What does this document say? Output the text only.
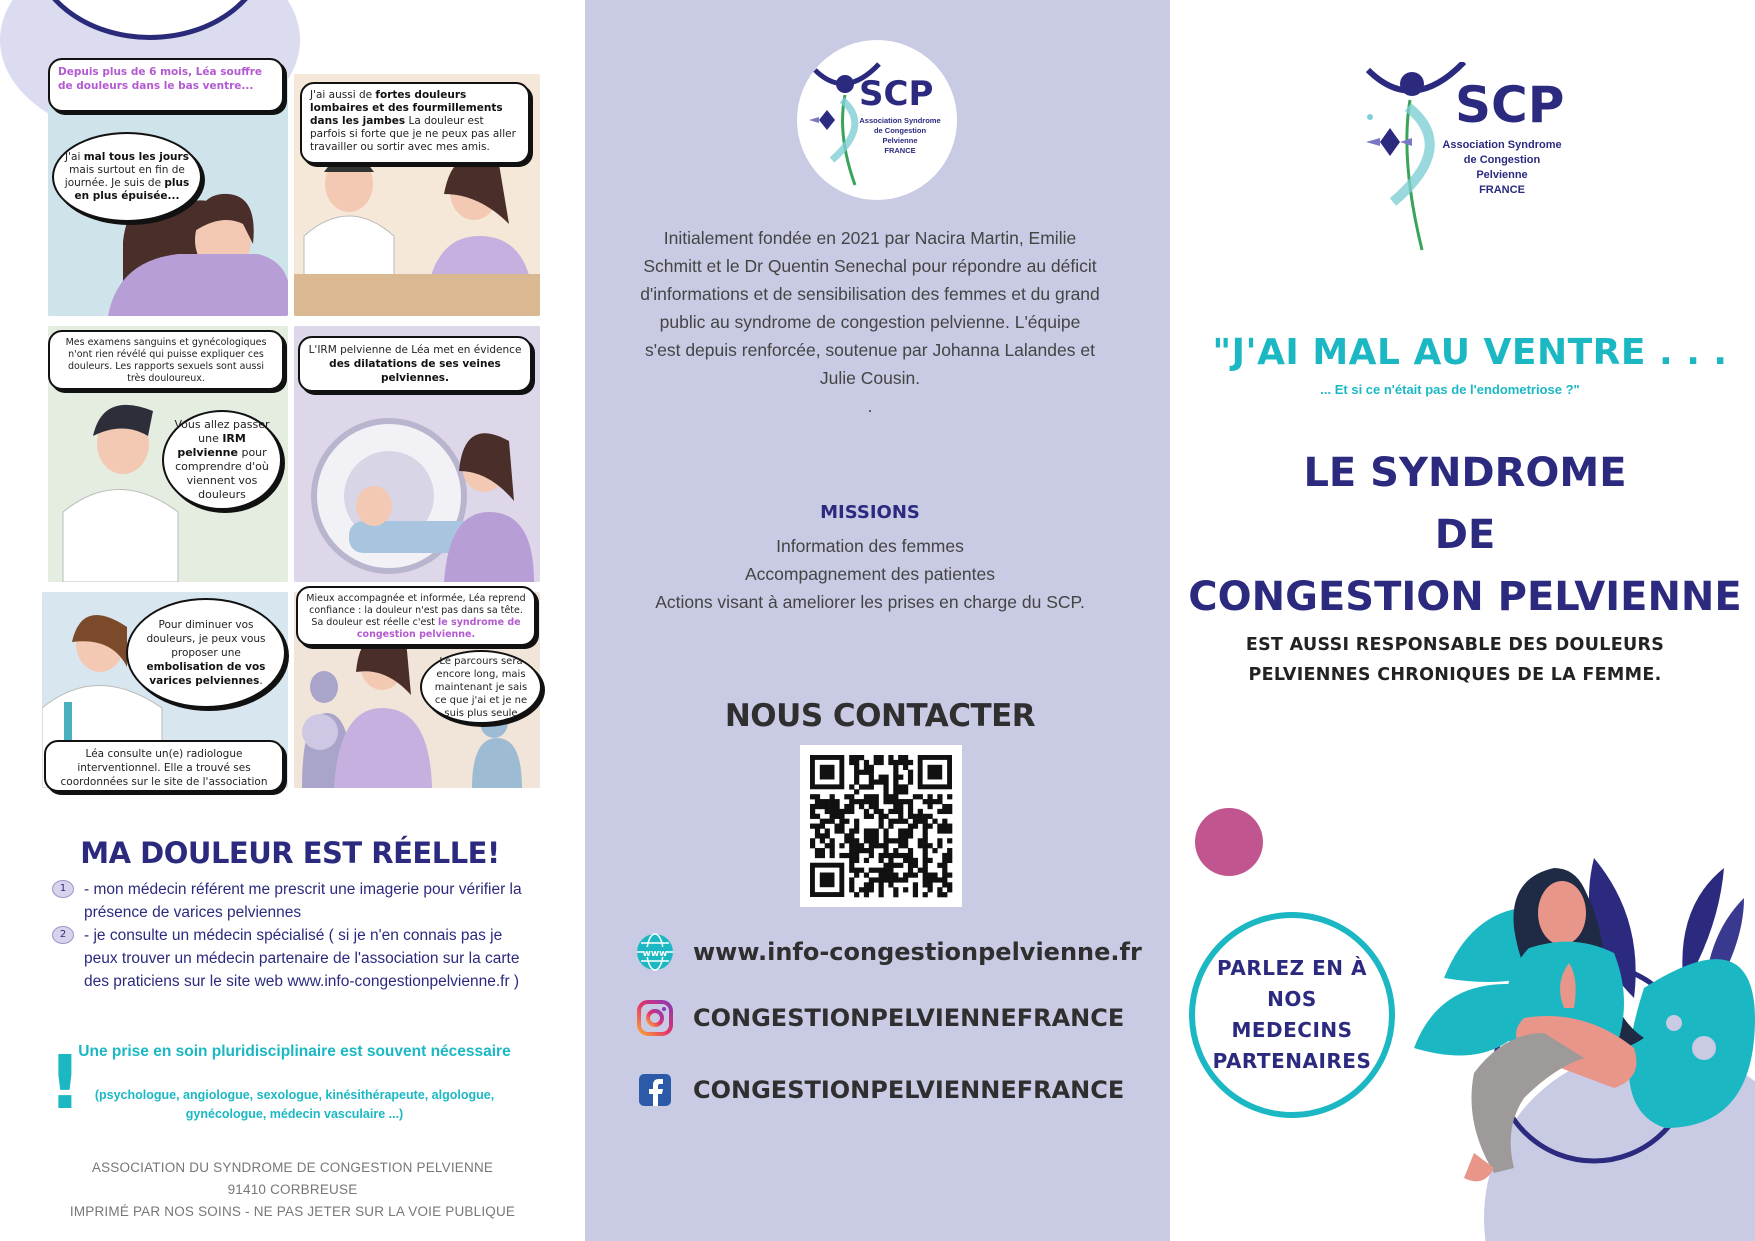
Depuis plus de 6 mois, Léa souffre de douleurs dans le bas ventre...
J'ai mal tous les jours mais surtout en fin de journée. Je suis de plus en plus épuisée...
J'ai aussi de fortes douleurs lombaires et des fourmillements dans les jambes La douleur est parfois si forte que je ne peux pas aller travailler ou sortir avec mes amis.
Mes examens sanguins et gynécologiques n'ont rien révélé qui puisse expliquer ces douleurs. Les rapports sexuels sont aussi très douloureux.
Vous allez passer une IRM pelvienne pour comprendre d'où viennent vos douleurs
L'IRM pelvienne de Léa met en évidence des dilatations de ses veines pelviennes.
Pour diminuer vos douleurs, je peux vous proposer une embolisation de vos varices pelviennes.
Léa consulte un(e) radiologue interventionnel. Elle a trouvé ses coordonnées sur le site de l'association
Mieux accompagnée et informée, Léa reprend confiance : la douleur n'est pas dans sa tête. Sa douleur est réelle c'est le syndrome de congestion pelvienne.
Le parcours sera encore long, mais maintenant je sais ce que j'ai et je ne suis plus seule
MA DOULEUR EST RÉELLE!
1	- mon médecin référent me prescrit une imagerie pour vérifier la présence de varices pelviennes
2	- je consulte un médecin spécialisé ( si je n'en connais pas je peux trouver un médecin partenaire de l'association sur la carte des praticiens sur le site web www.info-congestionpelvienne.fr )
!
Une prise en soin pluridisciplinaire est souvent nécessaire
(psychologue, angiologue, sexologue, kinésithérapeute, algologue, gynécologue, médecin vasculaire ...)
ASSOCIATION DU SYNDROME DE CONGESTION PELVIENNE
91410 CORBREUSE
IMPRIMÉ PAR NOS SOINS - NE PAS JETER SUR LA VOIE PUBLIQUE
SCP
Association Syndrome
de Congestion
Pelvienne
FRANCE
Initialement fondée en 2021 par Nacira Martin, Emilie Schmitt et le Dr Quentin Senechal pour répondre au déficit d'informations et de sensibilisation des femmes et du grand public au syndrome de congestion pelvienne. L'équipe s'est depuis renforcée, soutenue par Johanna Lalandes et Julie Cousin.
.
MISSIONS
Information des femmes
Accompagnement des patientes
Actions visant à ameliorer les prises en charge du SCP.
NOUS CONTACTER
www www.info-congestionpelvienne.fr
CONGESTIONPELVIENNEFRANCE
CONGESTIONPELVIENNEFRANCE
SCP
Association Syndrome
de Congestion
Pelvienne
FRANCE
"J'AI MAL AU VENTRE . . .
... Et si ce n'était pas de l'endometriose ?"
LE SYNDROME
DE
CONGESTION PELVIENNE
EST AUSSI RESPONSABLE DES DOULEURS PELVIENNES CHRONIQUES DE LA FEMME.
PARLEZ EN À NOS MEDECINS PARTENAIRES
